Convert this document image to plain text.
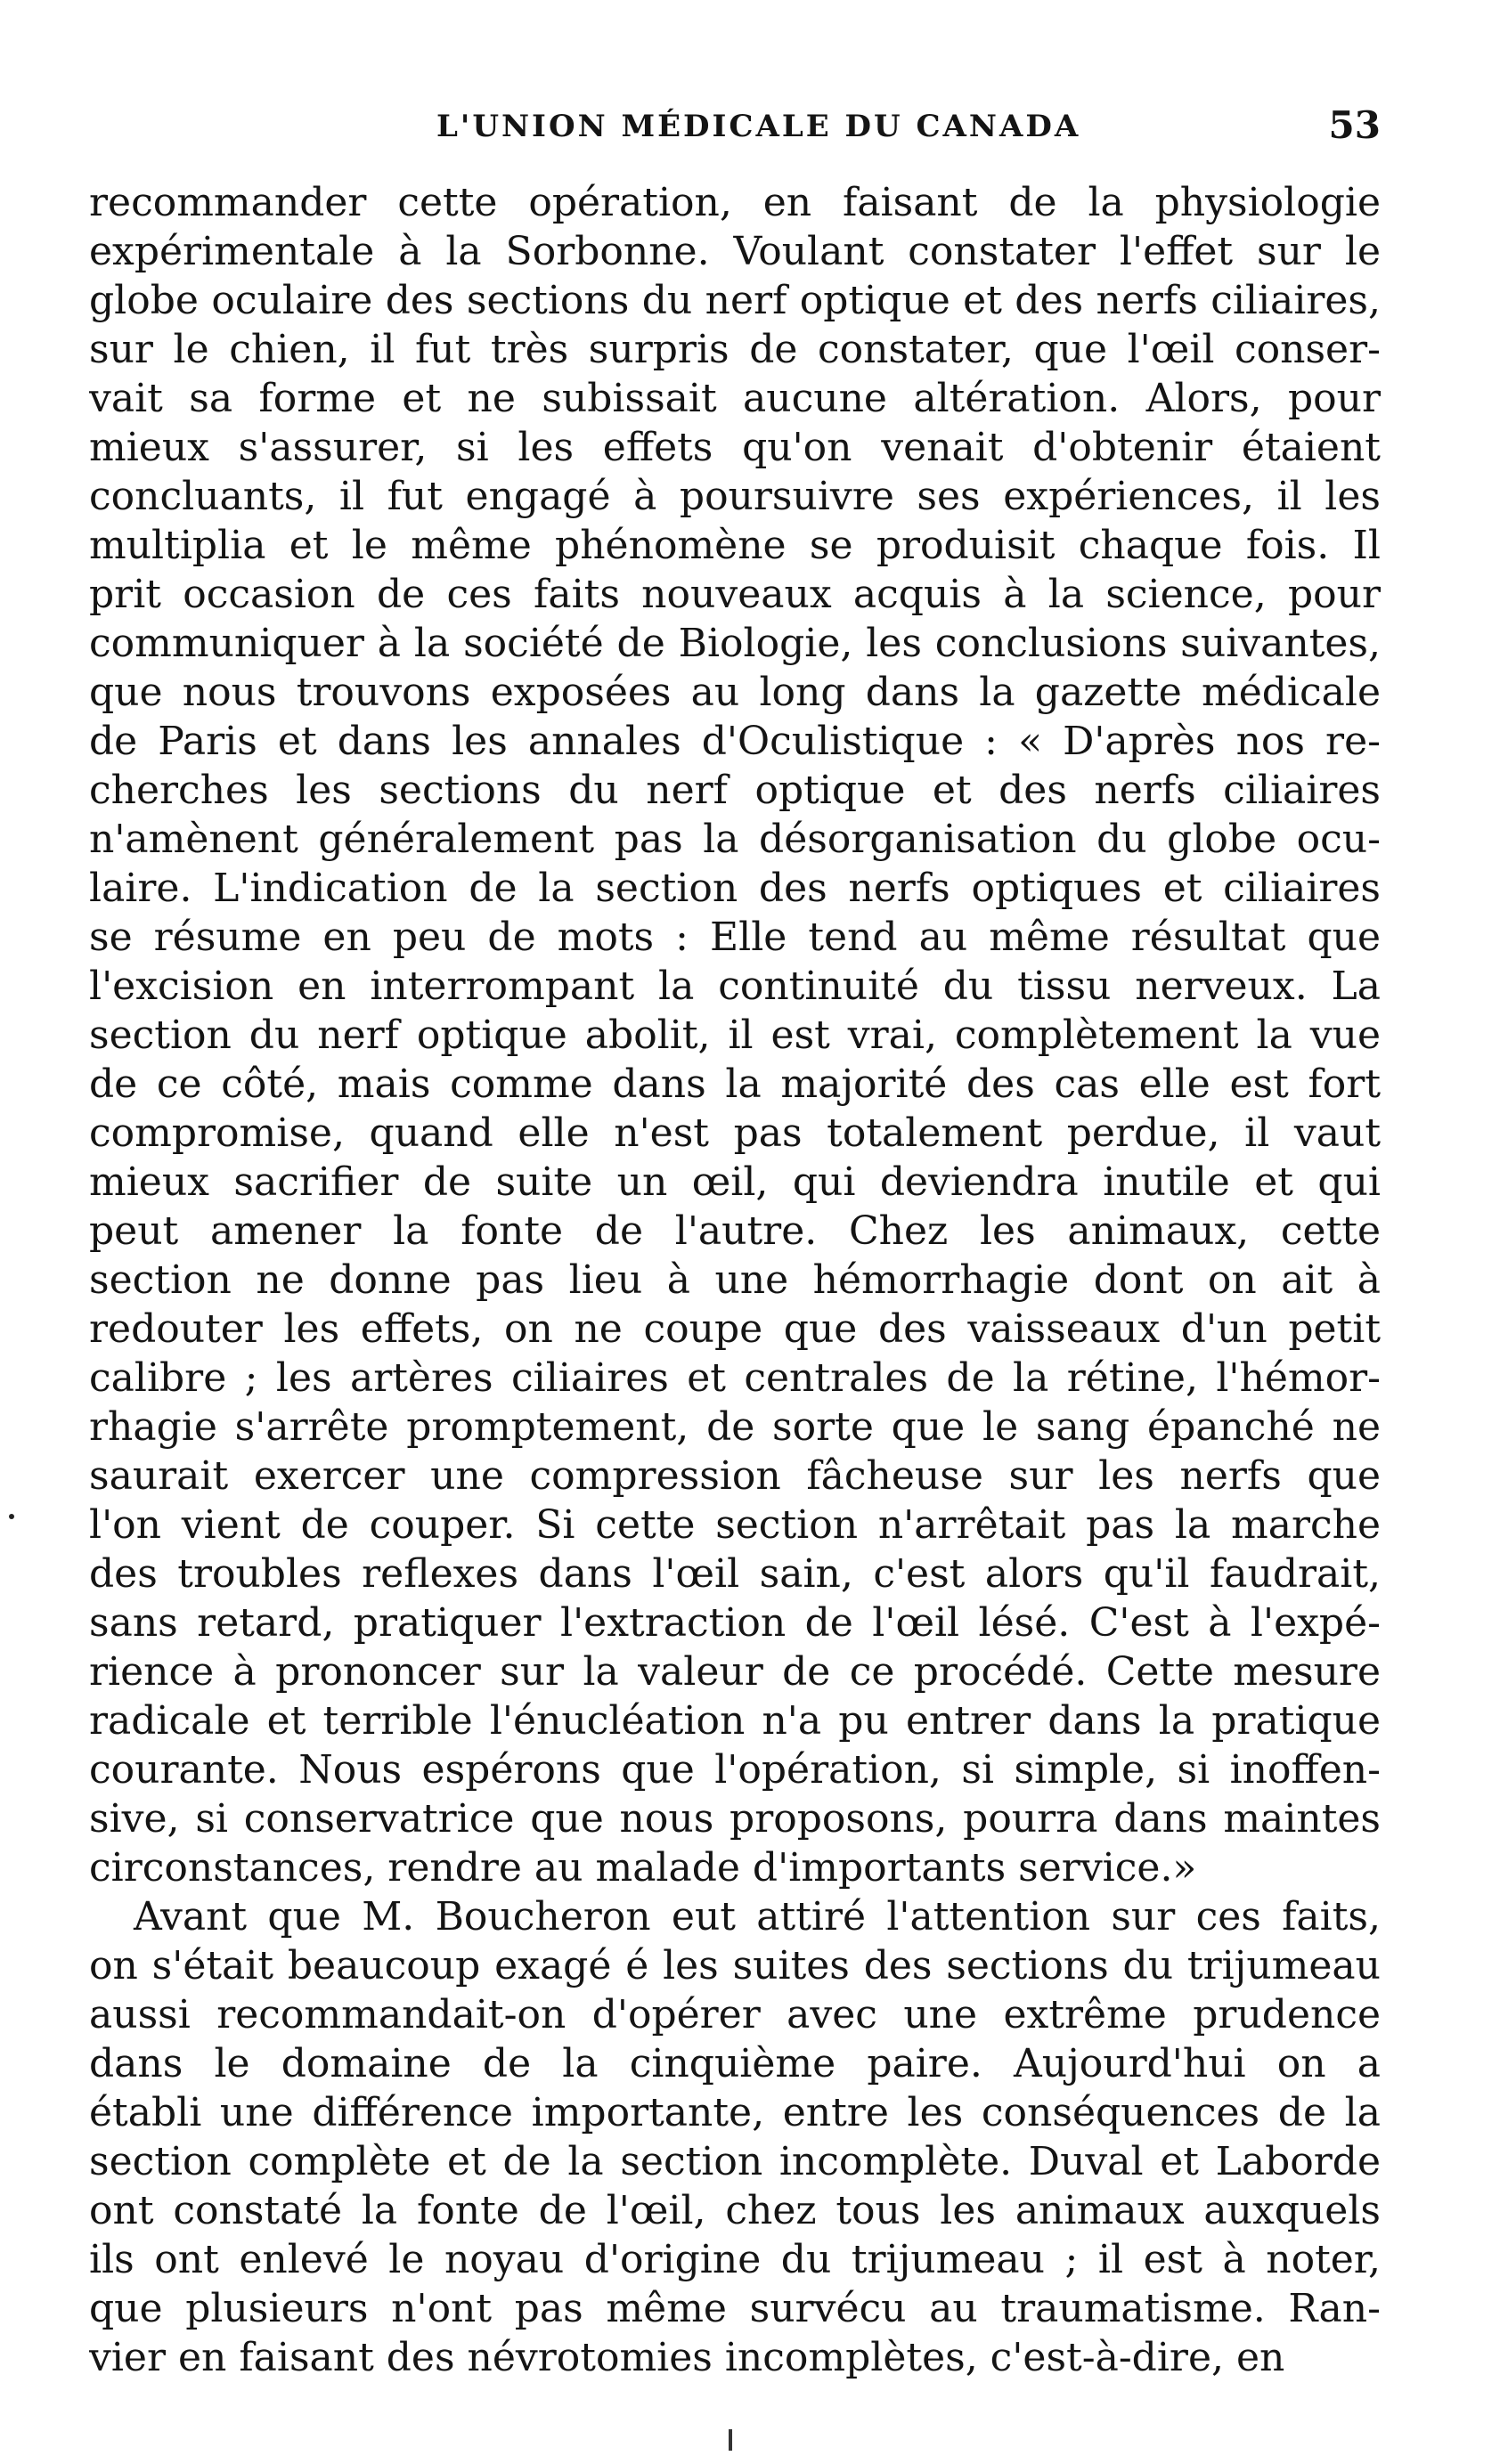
L'UNION MÉDICALE DU CANADA	53
recommander cette opération, en faisant de la physiologie
expérimentale à la Sorbonne. Voulant constater l'effet sur le
globe oculaire des sections du nerf optique et des nerfs ciliaires,
sur le chien, il fut très surpris de constater, que l'œil conser-
vait sa forme et ne subissait aucune altération. Alors, pour
mieux s'assurer, si les effets qu'on venait d'obtenir étaient
concluants, il fut engagé à poursuivre ses expériences, il les
multiplia et le même phénomène se produisit chaque fois. Il
prit occasion de ces faits nouveaux acquis à la science, pour
communiquer à la société de Biologie, les conclusions suivantes,
que nous trouvons exposées au long dans la gazette médicale
de Paris et dans les annales d'Oculistique : « D'après nos re-
cherches les sections du nerf optique et des nerfs ciliaires
n'amènent généralement pas la désorganisation du globe ocu-
laire. L'indication de la section des nerfs optiques et ciliaires
se résume en peu de mots : Elle tend au même résultat que
l'excision en interrompant la continuité du tissu nerveux. La
section du nerf optique abolit, il est vrai, complètement la vue
de ce côté, mais comme dans la majorité des cas elle est fort
compromise, quand elle n'est pas totalement perdue, il vaut
mieux sacrifier de suite un œil, qui deviendra inutile et qui
peut amener la fonte de l'autre. Chez les animaux, cette
section ne donne pas lieu à une hémorrhagie dont on ait à
redouter les effets, on ne coupe que des vaisseaux d'un petit
calibre ; les artères ciliaires et centrales de la rétine, l'hémor-
rhagie s'arrête promptement, de sorte que le sang épanché ne
saurait exercer une compression fâcheuse sur les nerfs que
l'on vient de couper. Si cette section n'arrêtait pas la marche
des troubles reflexes dans l'œil sain, c'est alors qu'il faudrait,
sans retard, pratiquer l'extraction de l'œil lésé. C'est à l'expé-
rience à prononcer sur la valeur de ce procédé. Cette mesure
radicale et terrible l'énucléation n'a pu entrer dans la pratique
courante. Nous espérons que l'opération, si simple, si inoffen-
sive, si conservatrice que nous proposons, pourra dans maintes
circonstances, rendre au malade d'importants service.»
Avant que M. Boucheron eut attiré l'attention sur ces faits,
on s'était beaucoup exagé é les suites des sections du trijumeau
aussi recommandait-on d'opérer avec une extrême prudence
dans le domaine de la cinquième paire. Aujourd'hui on a
établi une différence importante, entre les conséquences de la
section complète et de la section incomplète. Duval et Laborde
ont constaté la fonte de l'œil, chez tous les animaux auxquels
ils ont enlevé le noyau d'origine du trijumeau ; il est à noter,
que plusieurs n'ont pas même survécu au traumatisme. Ran-
vier en faisant des névrotomies incomplètes, c'est-à-dire, en
